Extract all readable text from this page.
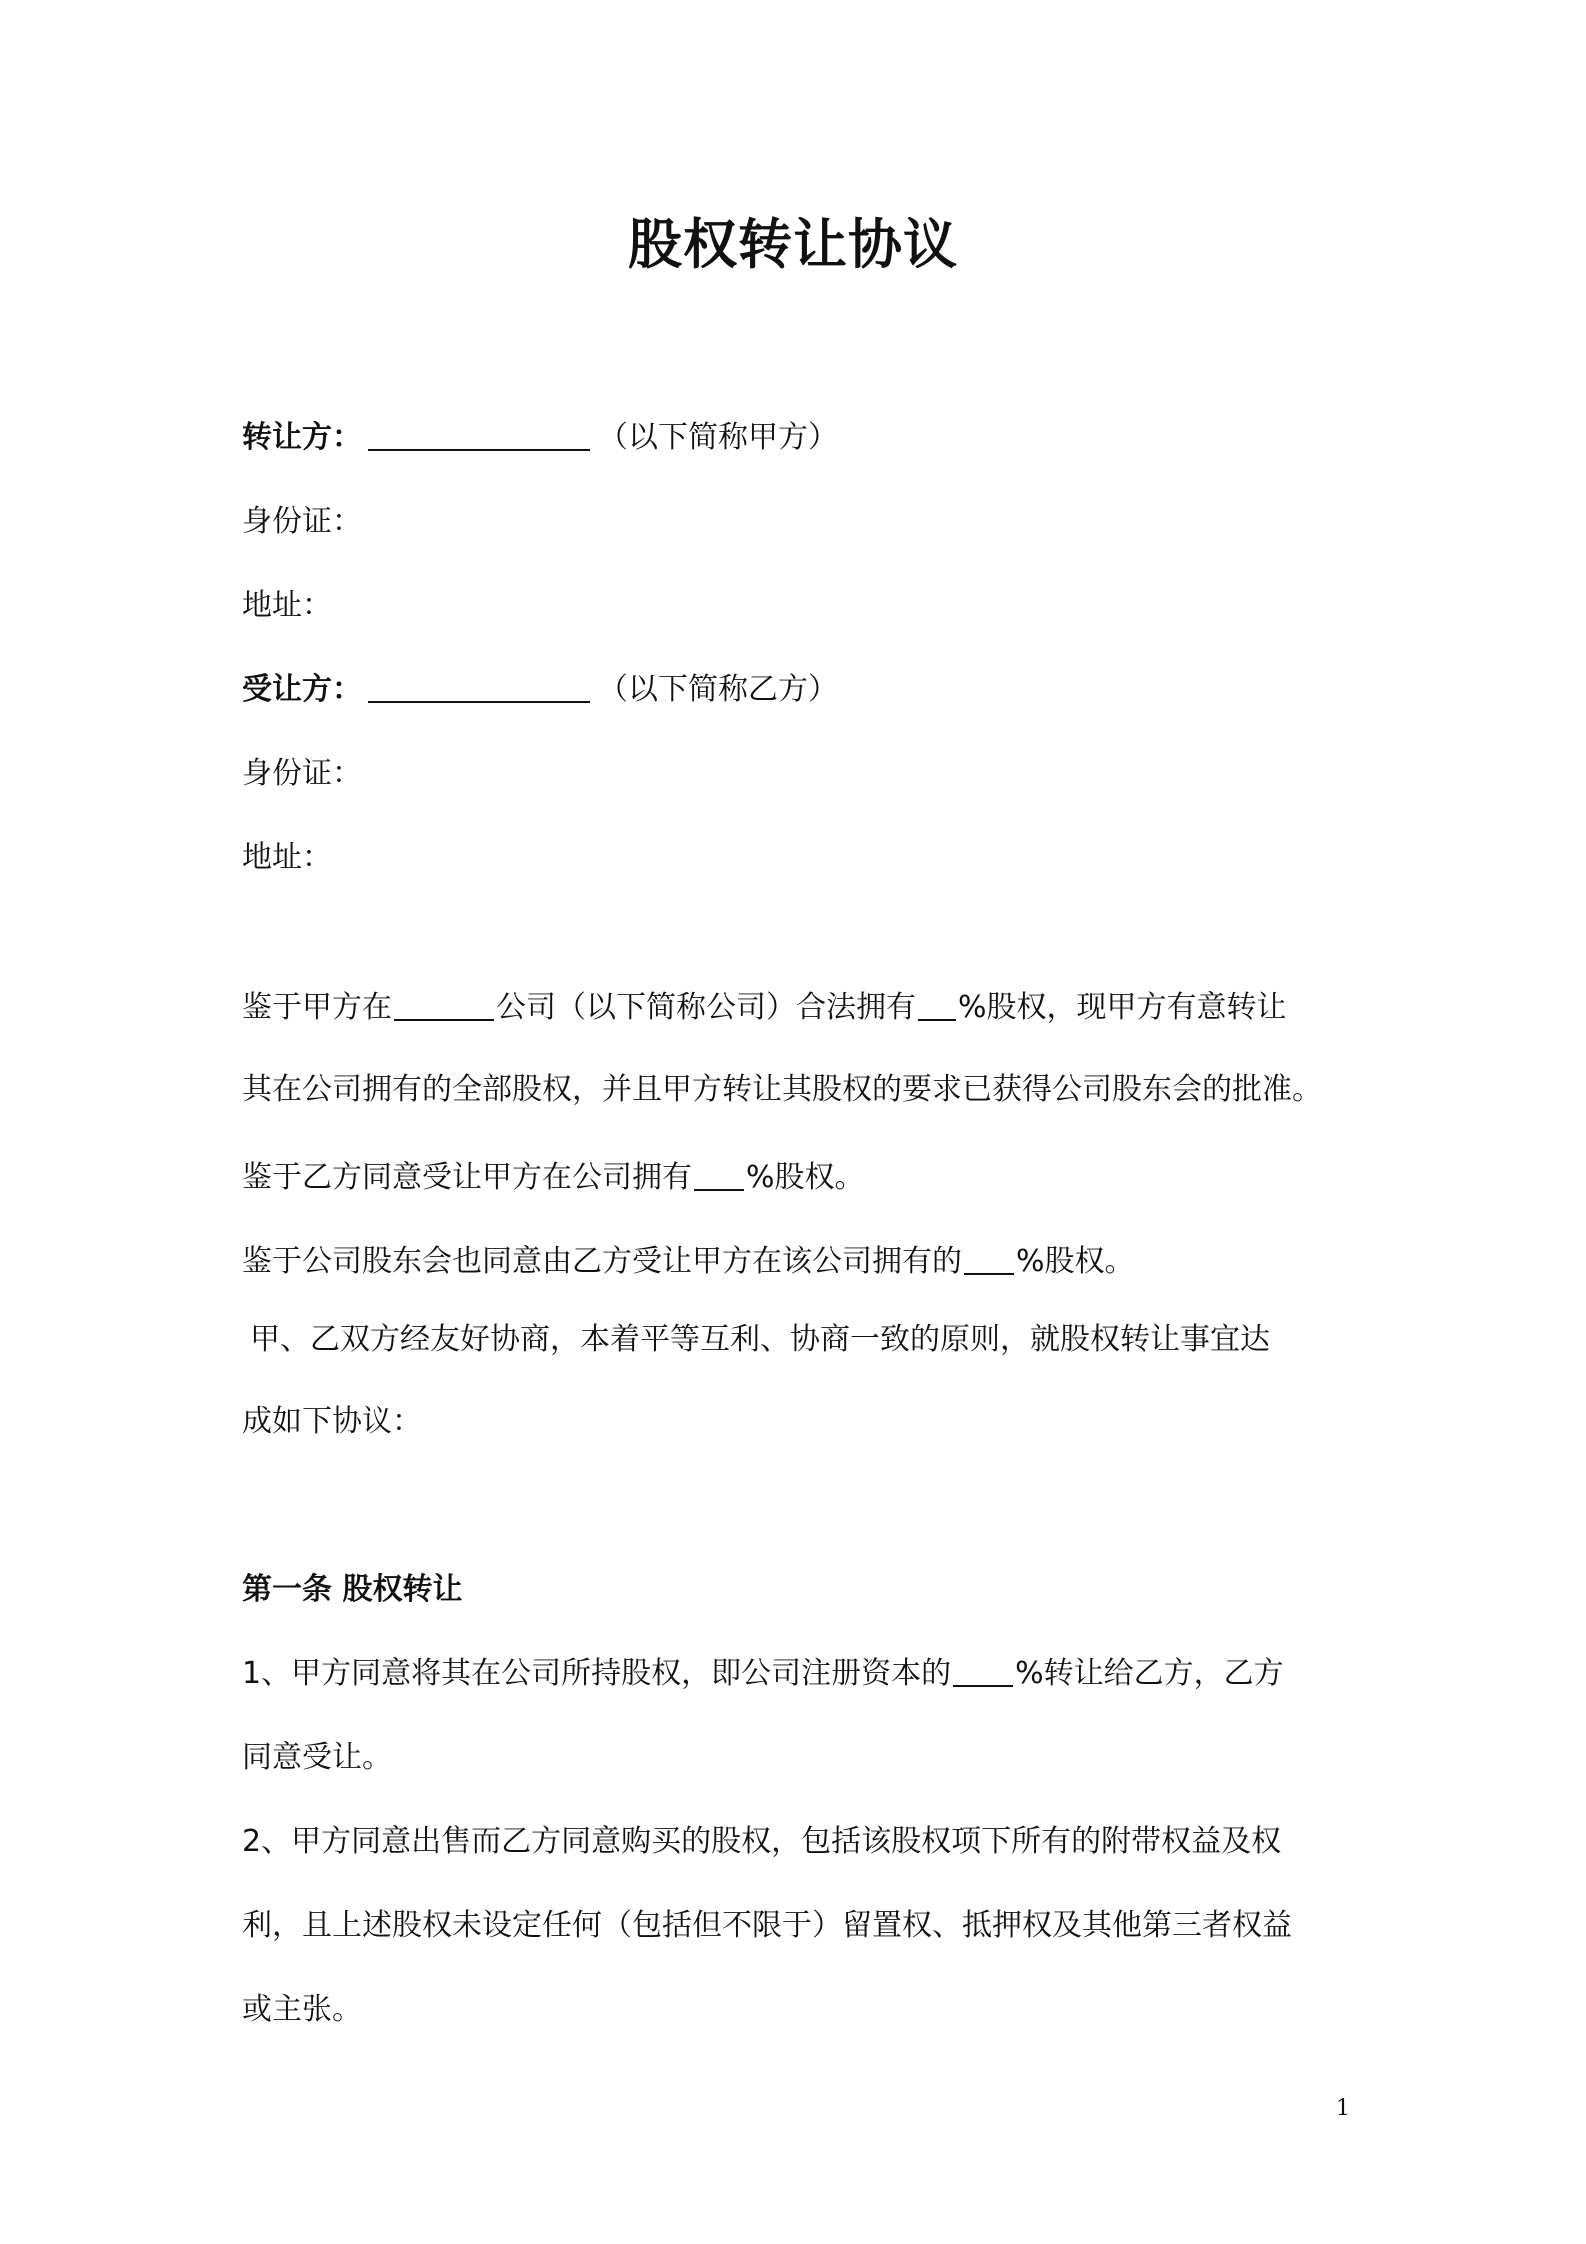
股权转让协议
转让方：	（以下简称甲方）
身份证：
地址：
受让方：	（以下简称乙方）
身份证：
地址：
鉴于甲方在	公司（以下简称公司）合法拥有 %股权，现甲方有意转让
其在公司拥有的全部股权，并且甲方转让其股权的要求已获得公司股东会的批准。
鉴于乙方同意受让甲方在公司拥有 %股权。
鉴于公司股东会也同意由乙方受让甲方在该公司拥有的 %股权。
甲、乙双方经友好协商，本着平等互利、协商一致的原则，就股权转让事宜达
成如下协议：
第一条 股权转让
1、甲方同意将其在公司所持股权，即公司注册资本的 %转让给乙方，乙方
同意受让。
2、甲方同意出售而乙方同意购买的股权，包括该股权项下所有的附带权益及权
利，且上述股权未设定任何（包括但不限于）留置权、抵押权及其他第三者权益
或主张。
1
